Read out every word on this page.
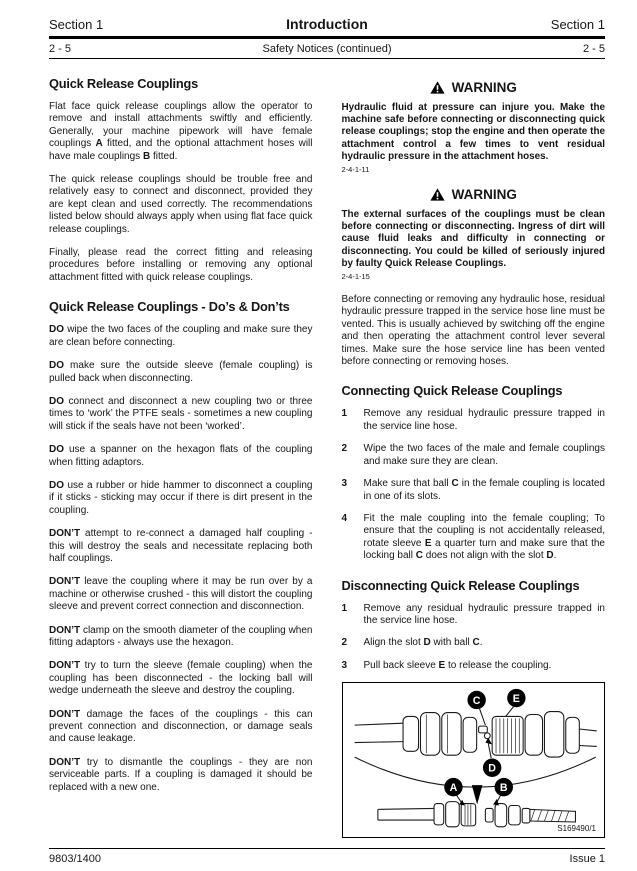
Section 1	Introduction	Section 1
2 - 5	Safety Notices (continued)	2 - 5
Quick Release Couplings

Flat face quick release couplings allow the operator to remove and install attachments swiftly and efficiently. Generally, your machine pipework will have female couplings A fitted, and the optional attachment hoses will have male couplings B fitted.

The quick release couplings should be trouble free and relatively easy to connect and disconnect, provided they are kept clean and used correctly. The recommendations listed below should always apply when using flat face quick release couplings.

Finally, please read the correct fitting and releasing procedures before installing or removing any optional attachment fitted with quick release couplings.

Quick Release Couplings - Do’s & Don’ts

DO wipe the two faces of the coupling and make sure they are clean before connecting.

DO make sure the outside sleeve (female coupling) is pulled back when disconnecting.

DO connect and disconnect a new coupling two or three times to ‘work’ the PTFE seals - sometimes a new coupling will stick if the seals have not been ‘worked’.

DO use a spanner on the hexagon flats of the coupling when fitting adaptors.

DO use a rubber or hide hammer to disconnect a coupling if it sticks - sticking may occur if there is dirt present in the coupling.

DON’T attempt to re-connect a damaged half coupling - this will destroy the seals and necessitate replacing both half couplings.

DON’T leave the coupling where it may be run over by a machine or otherwise crushed - this will distort the coupling sleeve and prevent correct connection and disconnection.

DON’T clamp on the smooth diameter of the coupling when fitting adaptors - always use the hexagon.

DON’T try to turn the sleeve (female coupling) when the coupling has been disconnected - the locking ball will wedge underneath the sleeve and destroy the coupling.

DON’T damage the faces of the couplings - this can prevent connection and disconnection, or damage seals and cause leakage.

DON’T try to dismantle the couplings - they are non serviceable parts. If a coupling is damaged it should be replaced with a new one.

WARNING

Hydraulic fluid at pressure can injure you. Make the machine safe before connecting or disconnecting quick release couplings; stop the engine and then operate the attachment control a few times to vent residual hydraulic pressure in the attachment hoses.

2-4-1-11
WARNING

The external surfaces of the couplings must be clean before connecting or disconnecting. Ingress of dirt will cause fluid leaks and difficulty in connecting or disconnecting. You could be killed of seriously injured by faulty Quick Release Couplings.

2-4-1-15

Before connecting or removing any hydraulic hose, residual hydraulic pressure trapped in the service hose line must be vented. This is usually achieved by switching off the engine and then operating the attachment control lever several times. Make sure the hose service line has been vented before connecting or removing hoses.

Connecting Quick Release Couplings
1	Remove any residual hydraulic pressure trapped in the service line hose.
2	Wipe the two faces of the male and female couplings and make sure they are clean.
3	Make sure that ball C in the female coupling is located in one of its slots.
4	Fit the male coupling into the female coupling; To ensure that the coupling is not accidentally released, rotate sleeve E a quarter turn and make sure that the locking ball C does not align with the slot D.
Disconnecting Quick Release Couplings
1	Remove any residual hydraulic pressure trapped in the service line hose.
2	Align the slot D with ball C.
3	Pull back sleeve E to release the coupling.
C	E
D
A	B
S169490/1
9803/1400	Issue 1
